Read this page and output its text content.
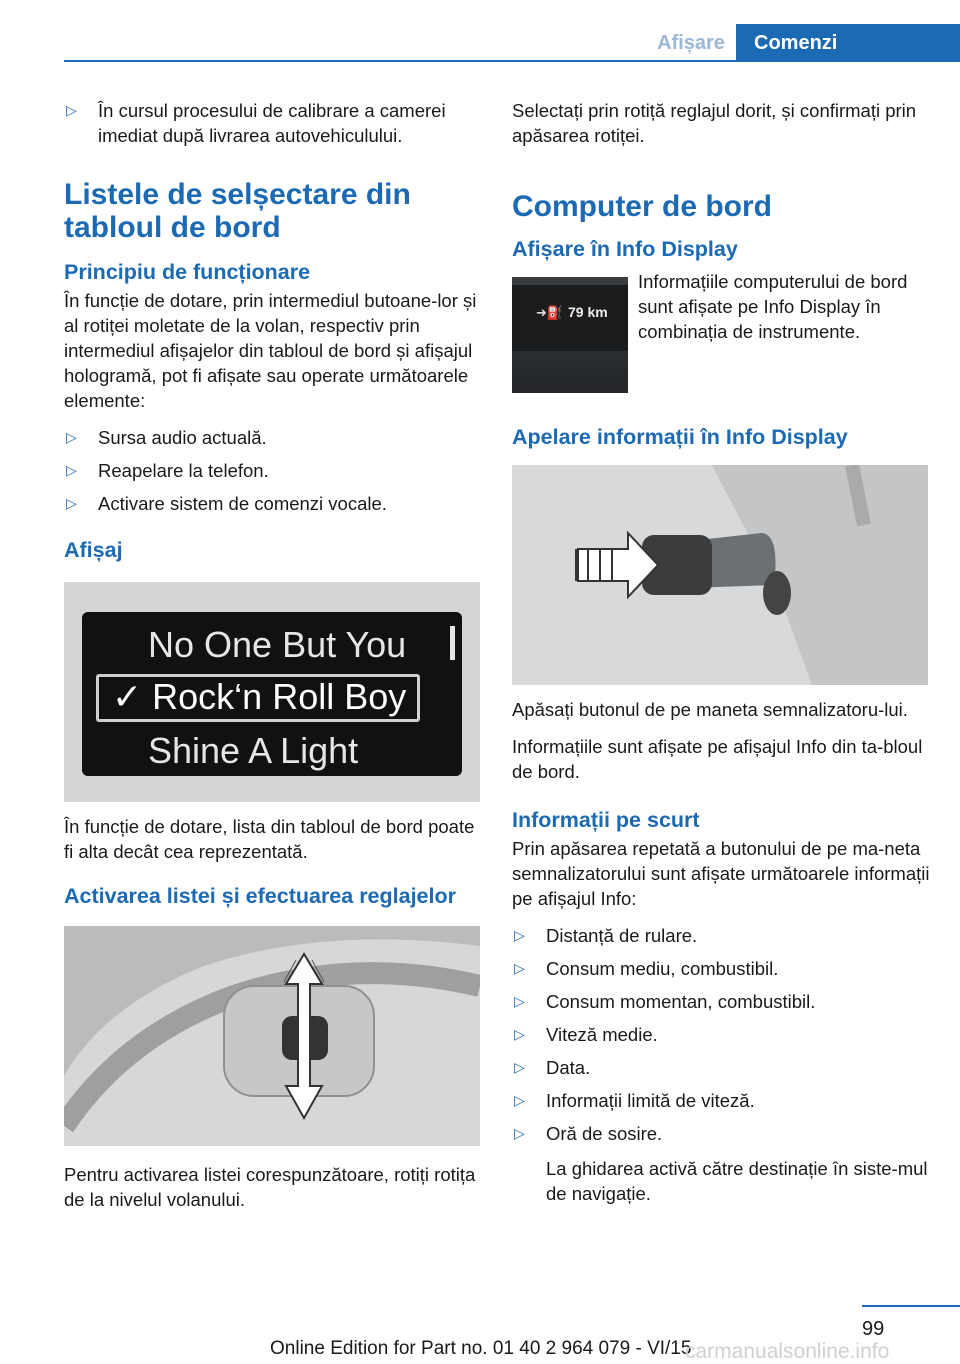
Afișare	Comenzi
▷ În cursul procesului de calibrare a camerei imediat după livrarea autovehiculului.
Listele de selșectare din tabloul de bord
Principiu de funcționare

În funcție de dotare, prin intermediul butoane-lor și al rotiței moletate de la volan, respectiv prin intermediul afișajelor din tabloul de bord și afișajul hologramă, pot fi afișate sau operate următoarele elemente:

▷ Sursa audio actuală.
▷ Reapelare la telefon.
▷ Activare sistem de comenzi vocale.
Afișaj
No One But You
✓ Rock‘n Roll Boy
Shine A Light

În funcție de dotare, lista din tabloul de bord poate fi alta decât cea reprezentată.

Activarea listei și efectuarea reglajelor

Pentru activarea listei corespunzătoare, rotiți rotița de la nivelul volanului.

Selectați prin rotiță reglajul dorit, și confirmați prin apăsarea rotiței.

Computer de bord
Afișare în Info Display
➜⛽ 79 km

Informațiile computerului de bord sunt afișate pe Info Display în combinația de instrumente.

Apelare informații în Info Display

Apăsați butonul de pe maneta semnalizatoru-lui.

Informațiile sunt afișate pe afișajul Info din ta-bloul de bord.

Informații pe scurt

Prin apăsarea repetată a butonului de pe ma-neta semnalizatorului sunt afișate următoarele informații pe afișajul Info:

▷ Distanță de rulare.
▷ Consum mediu, combustibil.
▷ Consum momentan, combustibil.
▷ Viteză medie.
▷ Data.
▷ Informații limită de viteză.
▷ Oră de sosire.

La ghidarea activă către destinație în siste-mul de navigație.

99
Online Edition for Part no. 01 40 2 964 079 - VI/15
carmanualsonline.info
